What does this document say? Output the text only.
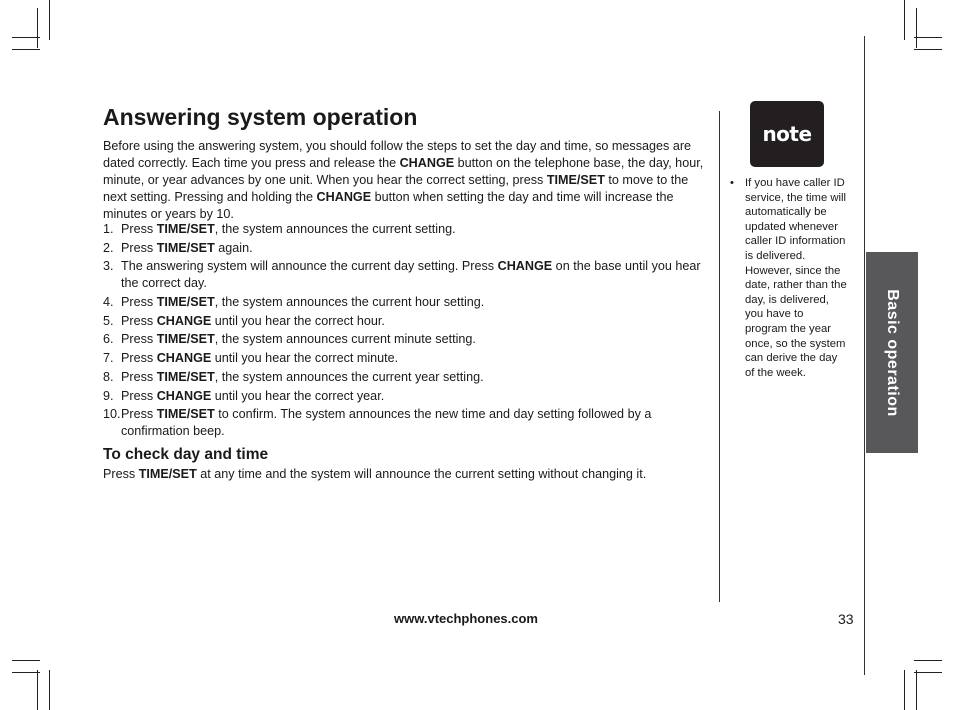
Answering system operation

Before using the answering system, you should follow the steps to set the day and time, so messages are dated correctly. Each time you press and release the CHANGE button on the telephone base, the day, hour, minute, or year advances by one unit. When you hear the correct setting, press TIME/SET to move to the next setting. Pressing and holding the CHANGE button when setting the day and time will increase the minutes or years by 10.

1. Press TIME/SET, the system announces the current setting.
2. Press TIME/SET again.
3. The answering system will announce the current day setting. Press CHANGE on the base until you hear the correct day.
4. Press TIME/SET, the system announces the current hour setting.
5. Press CHANGE until you hear the correct hour.
6. Press TIME/SET, the system announces current minute setting.
7. Press CHANGE until you hear the correct minute.
8. Press TIME/SET, the system announces the current year setting.
9. Press CHANGE until you hear the correct year.
10. Press TIME/SET to confirm. The system announces the new time and day setting followed by a confirmation beep.
To check day and time

Press TIME/SET at any time and the system will announce the current setting without changing it.

note

• If you have caller ID service, the time will automatically be updated whenever caller ID information is delivered. However, since the date, rather than the day, is delivered, you have to program the year once, so the system can derive the day of the week.	Basic operation

www.vtechphones.com	33
